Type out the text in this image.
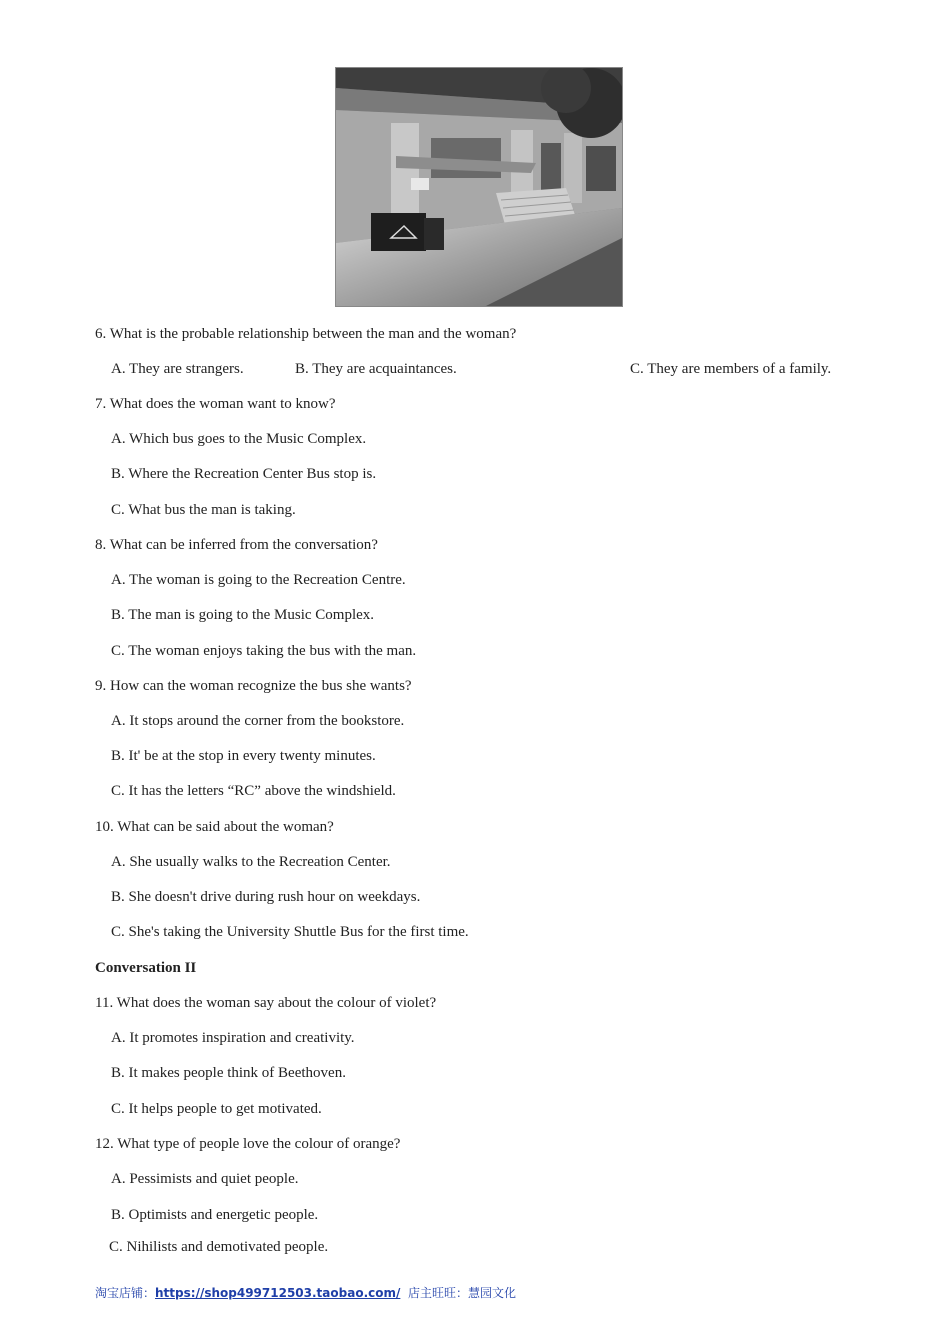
6. What is the probable relationship between the man and the woman?
A. They are strangers.	B. They are acquaintances.	C. They are members of a family.
7. What does the woman want to know?
A. Which bus goes to the Music Complex.
B. Where the Recreation Center Bus stop is.
C. What bus the man is taking.
8. What can be inferred from the conversation?
A. The woman is going to the Recreation Centre.
B. The man is going to the Music Complex.
C. The woman enjoys taking the bus with the man.
9. How can the woman recognize the bus she wants?
A. It stops around the corner from the bookstore.
B. It' be at the stop in every twenty minutes.
C. It has the letters “RC” above the windshield.
10. What can be said about the woman?
A. She usually walks to the Recreation Center.
B. She doesn't drive during rush hour on weekdays.
C. She's taking the University Shuttle Bus for the first time.
Conversation II
11. What does the woman say about the colour of violet?
A. It promotes inspiration and creativity.
B. It makes people think of Beethoven.
C. It helps people to get motivated.
12. What type of people love the colour of orange?
A. Pessimists and quiet people.
B. Optimists and energetic people.
C. Nihilists and demotivated people.
淘宝店铺：https://shop499712503.taobao.com/ 店主旺旺：慧园文化
